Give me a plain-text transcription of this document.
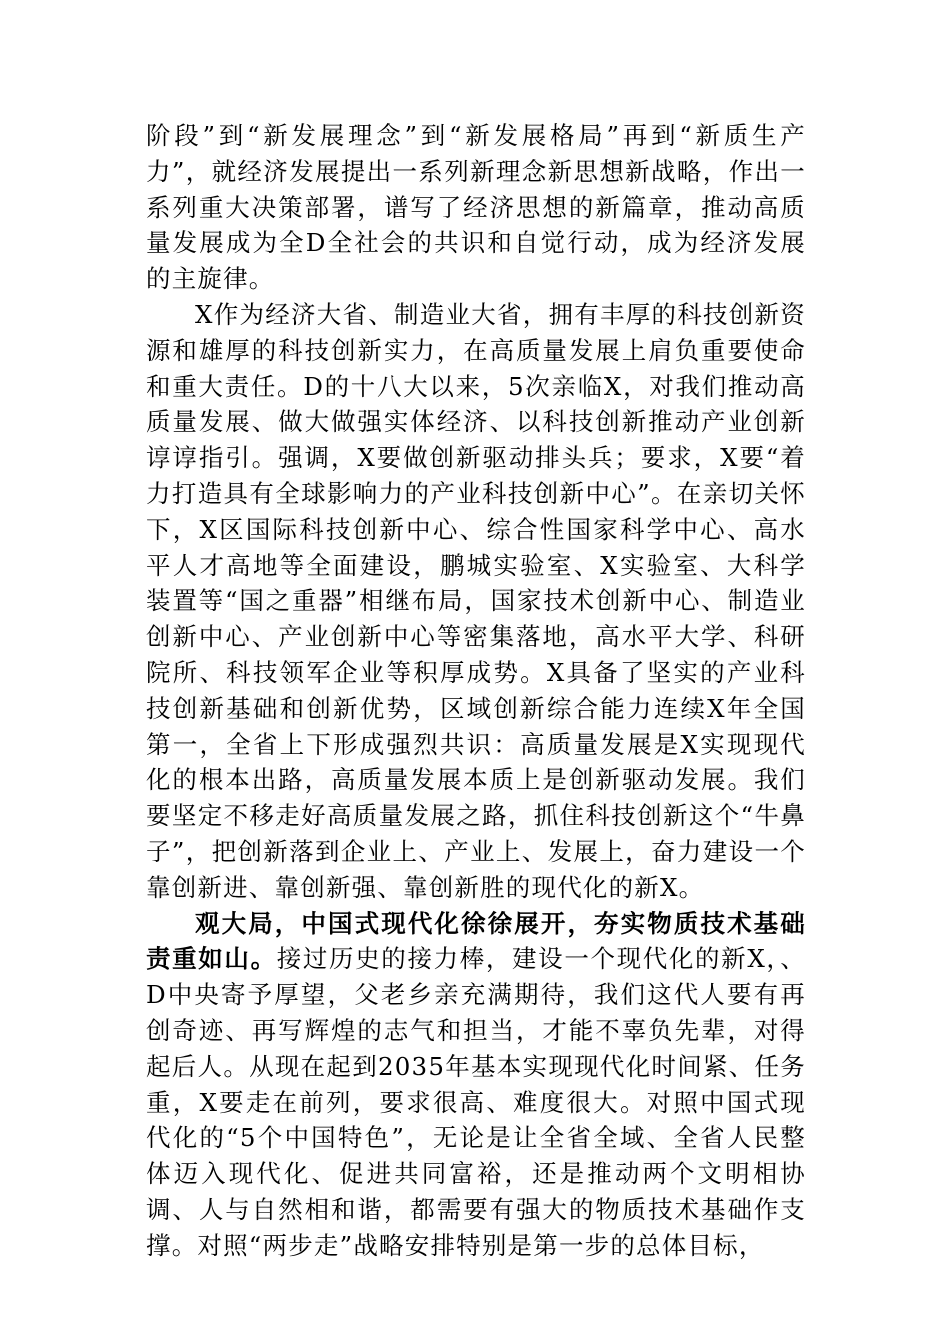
阶段”到“新发展理念”到“新发展格局”再到“新质生产力”，就经济发展提出一系列新理念新思想新战略，作出一系列重大决策部署，谱写了经济思想的新篇章，推动高质量发展成为全D全社会的共识和自觉行动，成为经济发展的主旋律。

X作为经济大省、制造业大省，拥有丰厚的科技创新资源和雄厚的科技创新实力，在高质量发展上肩负重要使命和重大责任。D的十八大以来，5次亲临X，对我们推动高质量发展、做大做强实体经济、以科技创新推动产业创新谆谆指引。强调，X要做创新驱动排头兵；要求，X要“着力打造具有全球影响力的产业科技创新中心”。在亲切关怀下，X区国际科技创新中心、综合性国家科学中心、高水平人才高地等全面建设，鹏城实验室、X实验室、大科学装置等“国之重器”相继布局，国家技术创新中心、制造业创新中心、产业创新中心等密集落地，高水平大学、科研院所、科技领军企业等积厚成势。X具备了坚实的产业科技创新基础和创新优势，区域创新综合能力连续X年全国第一，全省上下形成强烈共识：高质量发展是X实现现代化的根本出路，高质量发展本质上是创新驱动发展。我们要坚定不移走好高质量发展之路，抓住科技创新这个“牛鼻子”，把创新落到企业上、产业上、发展上，奋力建设一个靠创新进、靠创新强、靠创新胜的现代化的新X。

观大局，中国式现代化徐徐展开，夯实物质技术基础责重如山。接过历史的接力棒，建设一个现代化的新X，、D中央寄予厚望，父老乡亲充满期待，我们这代人要有再创奇迹、再写辉煌的志气和担当，才能不辜负先辈，对得起后人。从现在起到2035年基本实现现代化时间紧、任务重，X要走在前列，要求很高、难度很大。对照中国式现代化的“5个中国特色”，无论是让全省全域、全省人民整体迈入现代化、促进共同富裕，还是推动两个文明相协调、人与自然相和谐，都需要有强大的物质技术基础作支撑。对照“两步走”战略安排特别是第一步的总体目标，
